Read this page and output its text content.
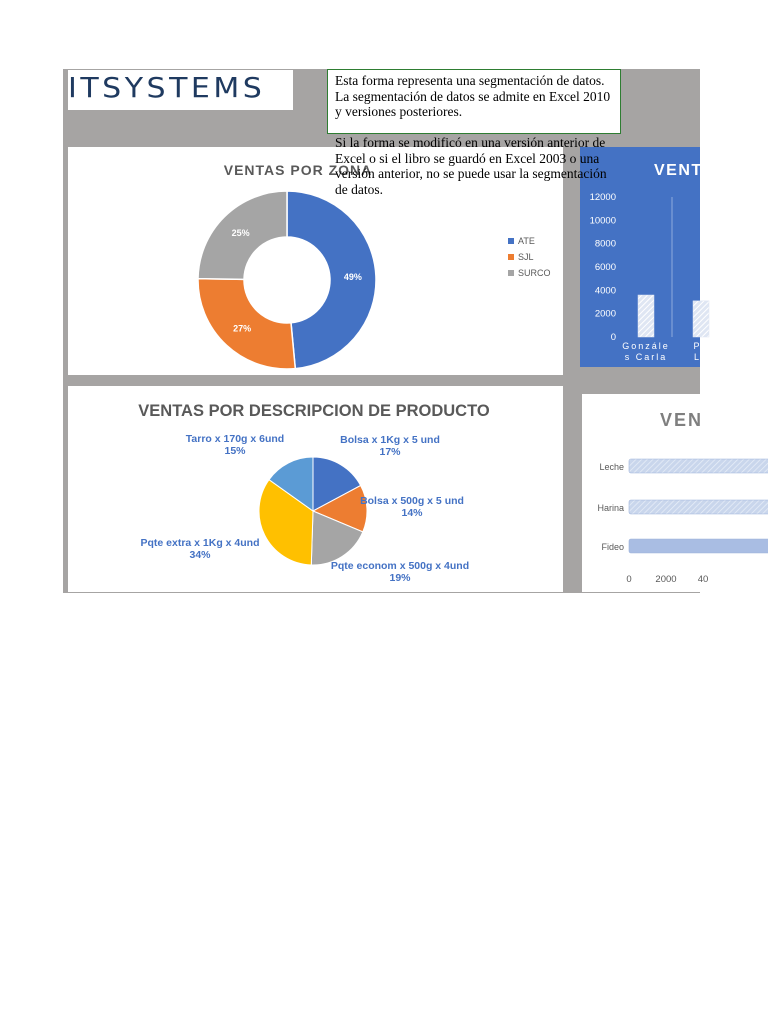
ITSYSTEMS
VENTAS POR ZONA
49%
27%
25%
ATE
SJL
SURCO
VENT
0
2000
4000
6000
8000
10000
12000
Gonzále
s Carla
Pé
Lu
VENTAS POR DESCRIPCION DE PRODUCTO
Bolsa x 1Kg x 5 und
17%
Bolsa x 500g x 5 und
14%
Pqte econom x 500g x 4und
19%
Pqte extra x 1Kg x 4und
34%
Tarro x 170g x 6und
15%
VEN
Leche
Harina
Fideo
0	2000 40

Esta forma representa una segmentación de datos. La segmentación de datos se admite en Excel 2010 y versiones posteriores.

Si la forma se modificó en una versión anterior de Excel o si el libro se guardó en Excel 2003 o una versión anterior, no se puede usar la segmentación de datos.
